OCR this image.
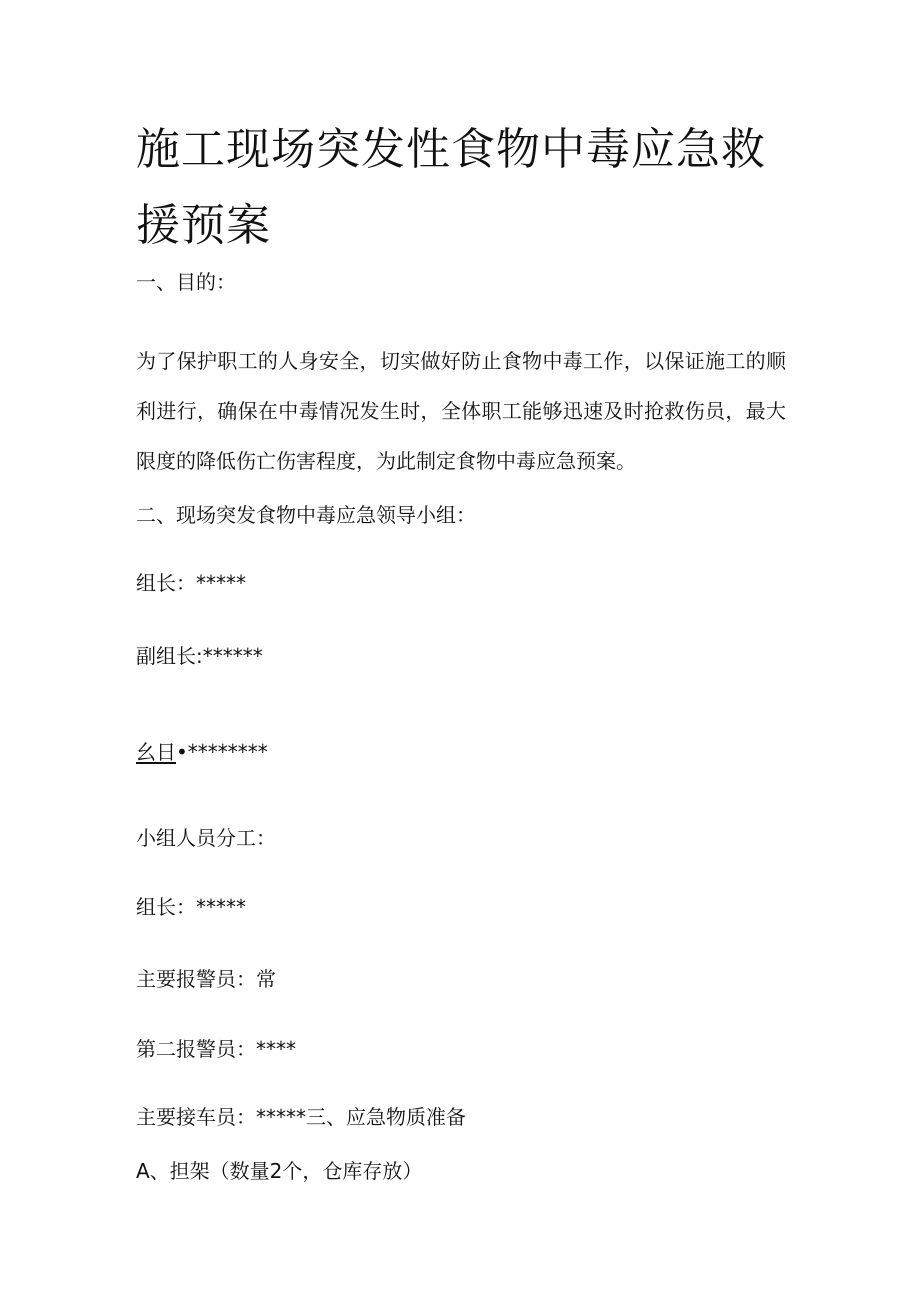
施工现场突发性食物中毒应急救援预案

一、目的：

为了保护职工的人身安全，切实做好防止食物中毒工作，以保证施工的顺利进行，确保在中毒情况发生时，全体职工能够迅速及时抢救伤员，最大限度的降低伤亡伤害程度，为此制定食物中毒应急预案。

二、现场突发食物中毒应急领导小组：

组长：*****

副组长:******

幺日•********

小组人员分工：

组长：*****

主要报警员：常

第二报警员：****

主要接车员：*****三、应急物质准备

A、担架（数量2个，仓库存放）
